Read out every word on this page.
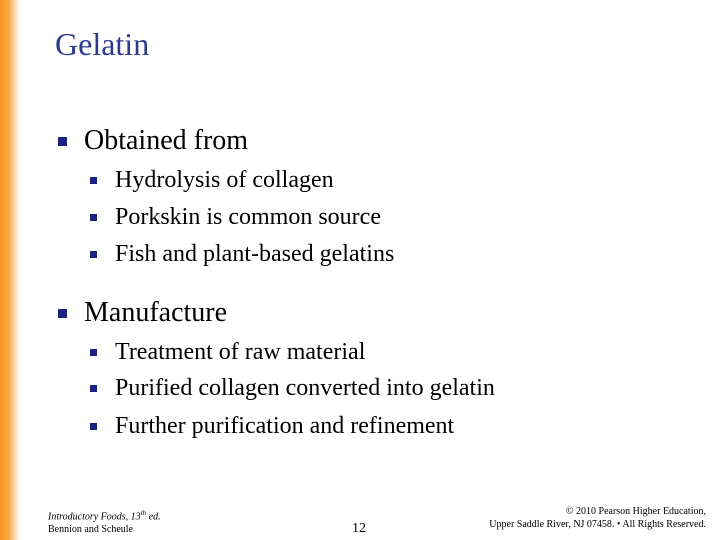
Gelatin
Obtained from
Hydrolysis of collagen
Porkskin is common source
Fish and plant-based gelatins
Manufacture
Treatment of raw material
Purified collagen converted into gelatin
Further purification and refinement
Introductory Foods, 13th ed.
Bennion and Scheule	12
© 2010 Pearson Higher Education,
Upper Saddle River, NJ 07458. • All Rights Reserved.
